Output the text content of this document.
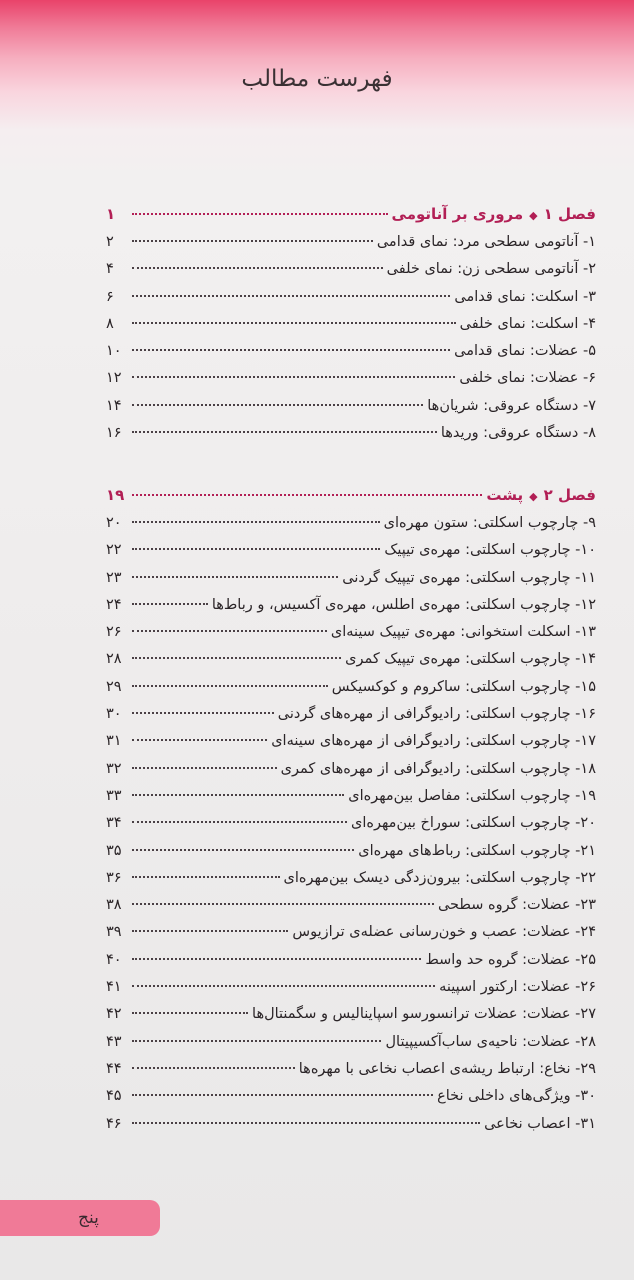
فهرست مطالب
فصل ۱
◆
مروری بر آناتومی
۱
۱- آناتومی سطحی مرد: نمای قدامی
۲
۲- آناتومی سطحی زن: نمای خلفی
۴
۳- اسکلت: نمای قدامی
۶
۴- اسکلت: نمای خلفی
۸
۵- عضلات: نمای قدامی
۱۰
۶- عضلات: نمای خلفی
۱۲
۷- دستگاه عروقی: شریان‌ها
۱۴
۸- دستگاه عروقی: وریدها
۱۶
فصل ۲
◆
پشت
۱۹
۹- چارچوب اسکلتی: ستون مهره‌ای
۲۰
۱۰- چارچوب اسکلتی: مهره‌ی تیپیک
۲۲
۱۱- چارچوب اسکلتی: مهره‌ی تیپیک گردنی
۲۳
۱۲- چارچوب اسکلتی: مهره‌ی اطلس، مهره‌ی آکسیس، و رباط‌ها
۲۴
۱۳- اسکلت استخوانی: مهره‌ی تیپیک سینه‌ای
۲۶
۱۴- چارچوب اسکلتی: مهره‌ی تیپیک کمری
۲۸
۱۵- چارچوب اسکلتی: ساکروم و کوکسیکس
۲۹
۱۶- چارچوب اسکلتی: رادیوگرافی از مهره‌های گردنی
۳۰
۱۷- چارچوب اسکلتی: رادیوگرافی از مهره‌های سینه‌ای
۳۱
۱۸- چارچوب اسکلتی: رادیوگرافی از مهره‌های کمری
۳۲
۱۹- چارچوب اسکلتی: مفاصل بین‌مهره‌ای
۳۳
۲۰- چارچوب اسکلتی: سوراخ بین‌مهره‌ای
۳۴
۲۱- چارچوب اسکلتی: رباط‌های مهره‌ای
۳۵
۲۲- چارچوب اسکلتی: بیرون‌زدگی دیسک بین‌مهره‌ای
۳۶
۲۳- عضلات: گروه سطحی
۳۸
۲۴- عضلات: عصب و خون‌رسانی عضله‌ی ترازیوس
۳۹
۲۵- عضلات: گروه حد واسط
۴۰
۲۶- عضلات: ارکتور اسپینه
۴۱
۲۷- عضلات: عضلات ترانسورسو اسپاینالیس و سگمنتال‌ها
۴۲
۲۸- عضلات: ناحیه‌ی ساب‌آکسیپیتال
۴۳
۲۹- نخاع: ارتباط ریشه‌ی اعصاب نخاعی با مهره‌ها
۴۴
۳۰- ویژگی‌های داخلی نخاع
۴۵
۳۱- اعصاب نخاعی
۴۶
پنج
